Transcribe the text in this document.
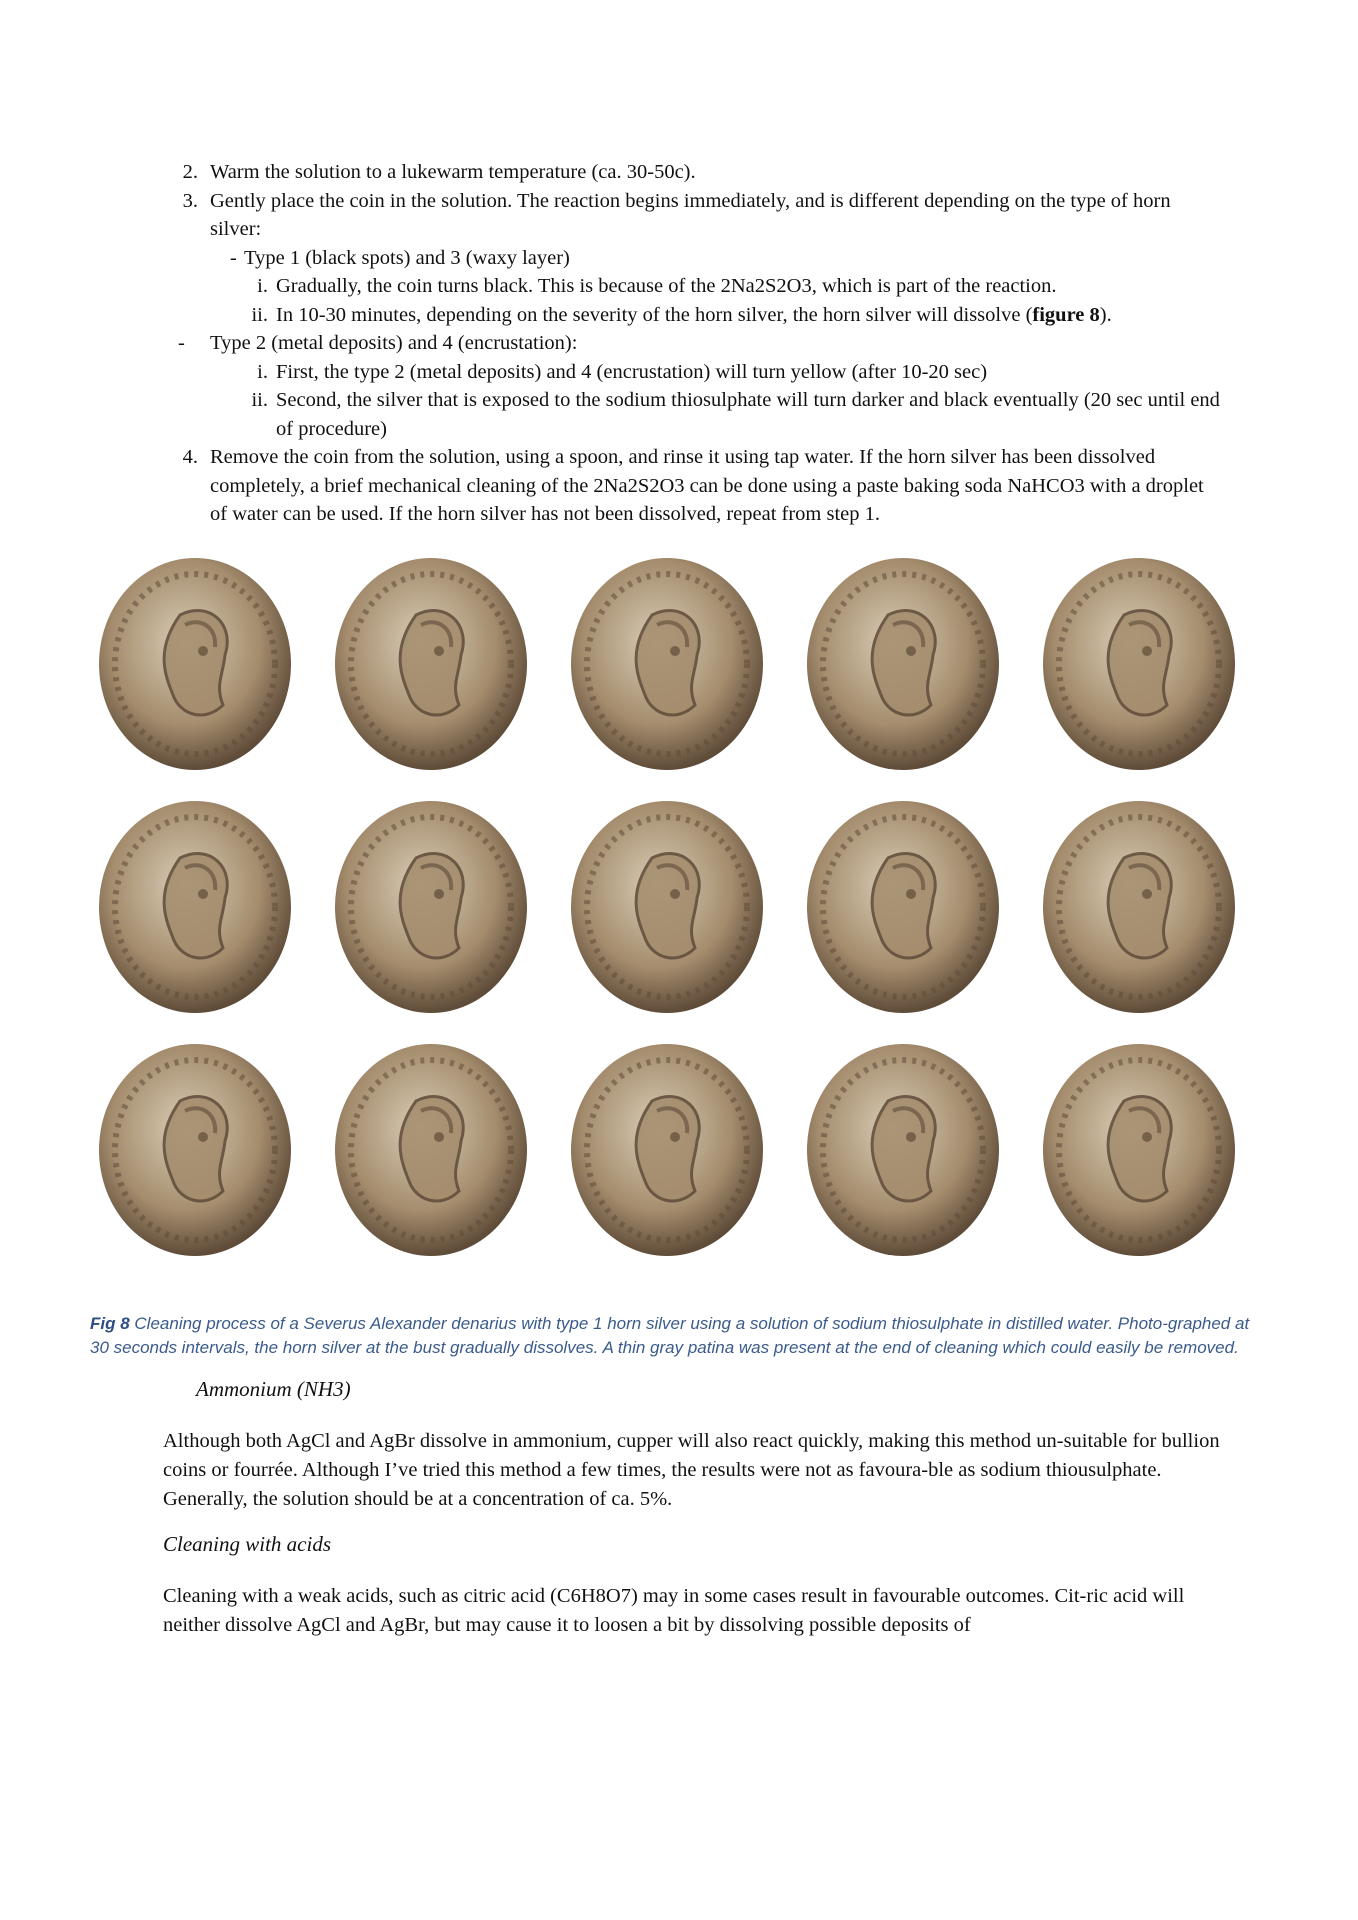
2. Warm the solution to a lukewarm temperature (ca. 30-50c).
3. Gently place the coin in the solution. The reaction begins immediately, and is different depending on the type of horn silver:
- Type 1 (black spots) and 3 (waxy layer)
i. Gradually, the coin turns black. This is because of the 2Na2S2O3, which is part of the reaction.
ii. In 10-30 minutes, depending on the severity of the horn silver, the horn silver will dissolve (figure 8).
-	Type 2 (metal deposits) and 4 (encrustation):
i. First, the type 2 (metal deposits) and 4 (encrustation) will turn yellow (after 10-20 sec)
ii. Second, the silver that is exposed to the sodium thiosulphate will turn darker and black eventually (20 sec until end of procedure)
4. Remove the coin from the solution, using a spoon, and rinse it using tap water. If the horn silver has been dissolved completely, a brief mechanical cleaning of the 2Na2S2O3 can be done using a paste baking soda NaHCO3 with a droplet of water can be used. If the horn silver has not been dissolved, repeat from step 1.
Fig 8 Cleaning process of a Severus Alexander denarius with type 1 horn silver using a solution of sodium thiosulphate in distilled water. Photo-graphed at 30 seconds intervals, the horn silver at the bust gradually dissolves. A thin gray patina was present at the end of cleaning which could easily be removed.
Ammonium (NH3)
Although both AgCl and AgBr dissolve in ammonium, cupper will also react quickly, making this method un-suitable for bullion coins or fourrée. Although I’ve tried this method a few times, the results were not as favoura-ble as sodium thiousulphate. Generally, the solution should be at a concentration of ca. 5%.
Cleaning with acids
Cleaning with a weak acids, such as citric acid (C6H8O7) may in some cases result in favourable outcomes. Cit-ric acid will neither dissolve AgCl and AgBr, but may cause it to loosen a bit by dissolving possible deposits of
